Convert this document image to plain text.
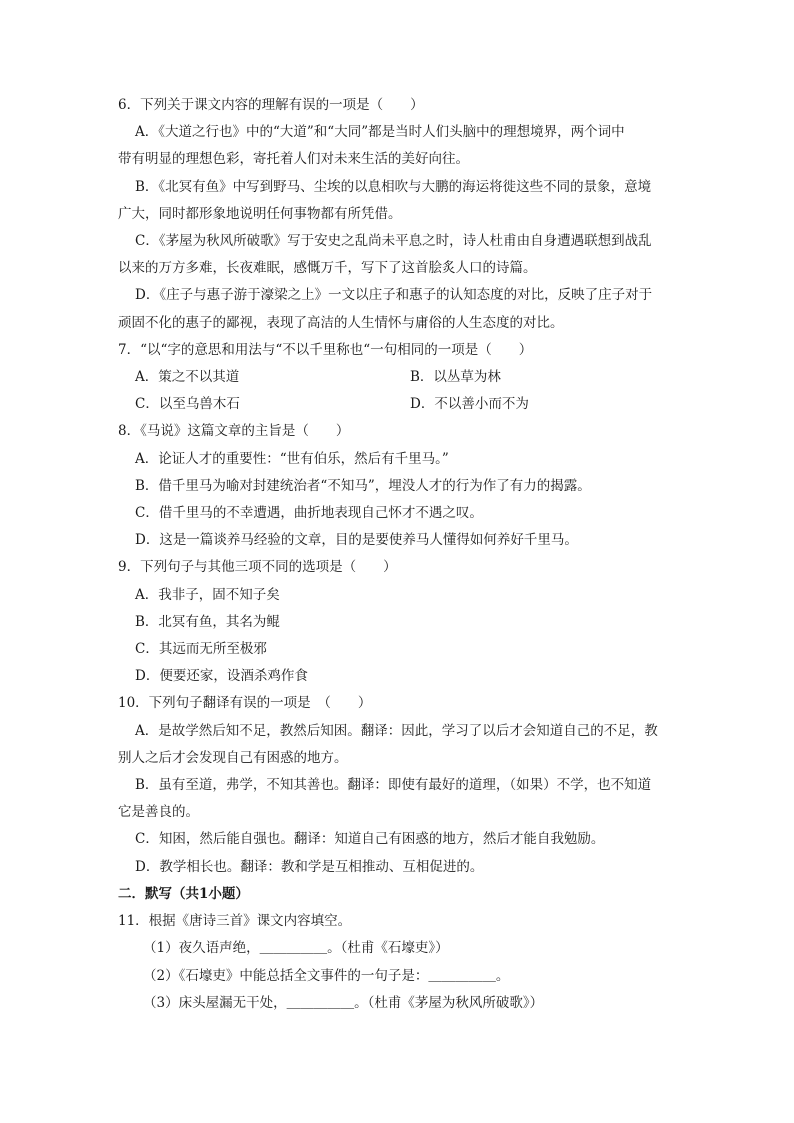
6．下列关于课文内容的理解有误的一项是（　　）
A．《大道之行也》中的“大道”和“大同”都是当时人们头脑中的理想境界，两个词中
带有明显的理想色彩，寄托着人们对未来生活的美好向往。
B．《北冥有鱼》中写到野马、尘埃的以息相吹与大鹏的海运将徙这些不同的景象，意境
广大，同时都形象地说明任何事物都有所凭借。
C．《茅屋为秋风所破歌》写于安史之乱尚未平息之时，诗人杜甫由自身遭遇联想到战乱
以来的万方多难，长夜难眠，感慨万千，写下了这首脍炙人口的诗篇。
D．《庄子与惠子游于濠梁之上》一文以庄子和惠子的认知态度的对比，反映了庄子对于
顽固不化的惠子的鄙视，表现了高洁的人生情怀与庸俗的人生态度的对比。
7．“以“字的意思和用法与“不以千里称也“一句相同的一项是（　　）
A．策之不以其道	B．以丛草为林
C．以至乌兽木石	D．不以善小而不为
8．《马说》这篇文章的主旨是（　　）
A．论证人才的重要性：“世有伯乐，然后有千里马。”
B．借千里马为喻对封建统治者“不知马”，埋没人才的行为作了有力的揭露。
C．借千里马的不幸遭遇，曲折地表现自己怀才不遇之叹。
D．这是一篇谈养马经验的文章，目的是要使养马人懂得如何养好千里马。
9．下列句子与其他三项不同的选项是（　　）
A．我非子，固不知子矣
B．北冥有鱼，其名为鲲
C．其远而无所至极邪
D．便要还家，设酒杀鸡作食
10．下列句子翻译有误的一项是　（　　）
A．是故学然后知不足，教然后知困。翻译：因此，学习了以后才会知道自己的不足，教
别人之后才会发现自己有困惑的地方。
B．虽有至道，弗学，不知其善也。翻译：即使有最好的道理，（如果）不学，也不知道
它是善良的。
C．知困，然后能自强也。翻译：知道自己有困惑的地方，然后才能自我勉励。
D．教学相长也。翻译：教和学是互相推动、互相促进的。
二．默写（共1小题）
11．根据《唐诗三首》课文内容填空。
（1）夜久语声绝，＿＿＿＿＿。（杜甫《石壕吏》）
（2）《石壕吏》中能总括全文事件的一句子是：＿＿＿＿＿。
（3）床头屋漏无干处，＿＿＿＿＿。（杜甫《茅屋为秋风所破歌》）
